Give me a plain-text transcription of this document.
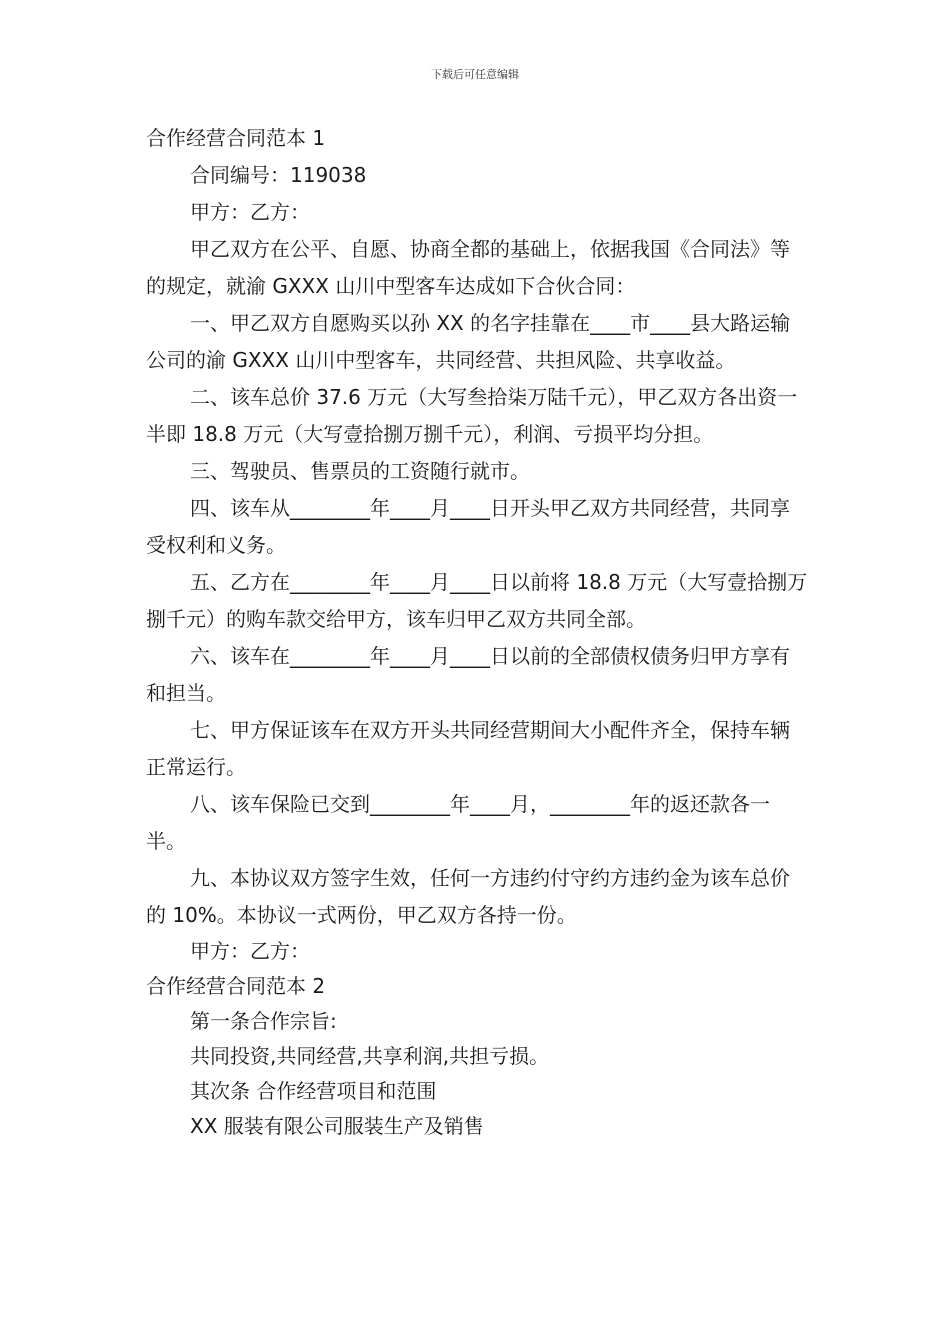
下载后可任意编辑

合作经营合同范本 1

合同编号：119038

甲方：乙方：

甲乙双方在公平、自愿、协商全都的基础上，依据我国《合同法》等的规定，就渝 GXXX 山川中型客车达成如下合伙合同：

一、甲乙双方自愿购买以孙 XX 的名字挂靠在____市____县大路运输公司的渝 GXXX 山川中型客车，共同经营、共担风险、共享收益。

二、该车总价 37.6 万元（大写叁拾柒万陆千元），甲乙双方各出资一半即 18.8 万元（大写壹拾捌万捌千元），利润、亏损平均分担。

三、驾驶员、售票员的工资随行就市。

四、该车从________年____月____日开头甲乙双方共同经营，共同享受权利和义务。

五、乙方在________年____月____日以前将 18.8 万元（大写壹拾捌万捌千元）的购车款交给甲方，该车归甲乙双方共同全部。

六、该车在________年____月____日以前的全部债权债务归甲方享有和担当。

七、甲方保证该车在双方开头共同经营期间大小配件齐全，保持车辆正常运行。

八、该车保险已交到________年____月，________年的返还款各一半。

九、本协议双方签字生效，任何一方违约付守约方违约金为该车总价的 10%。本协议一式两份，甲乙双方各持一份。

甲方：乙方：

合作经营合同范本 2

第一条合作宗旨:

共同投资,共同经营,共享利润,共担亏损。

其次条 合作经营项目和范围

XX 服装有限公司服装生产及销售
